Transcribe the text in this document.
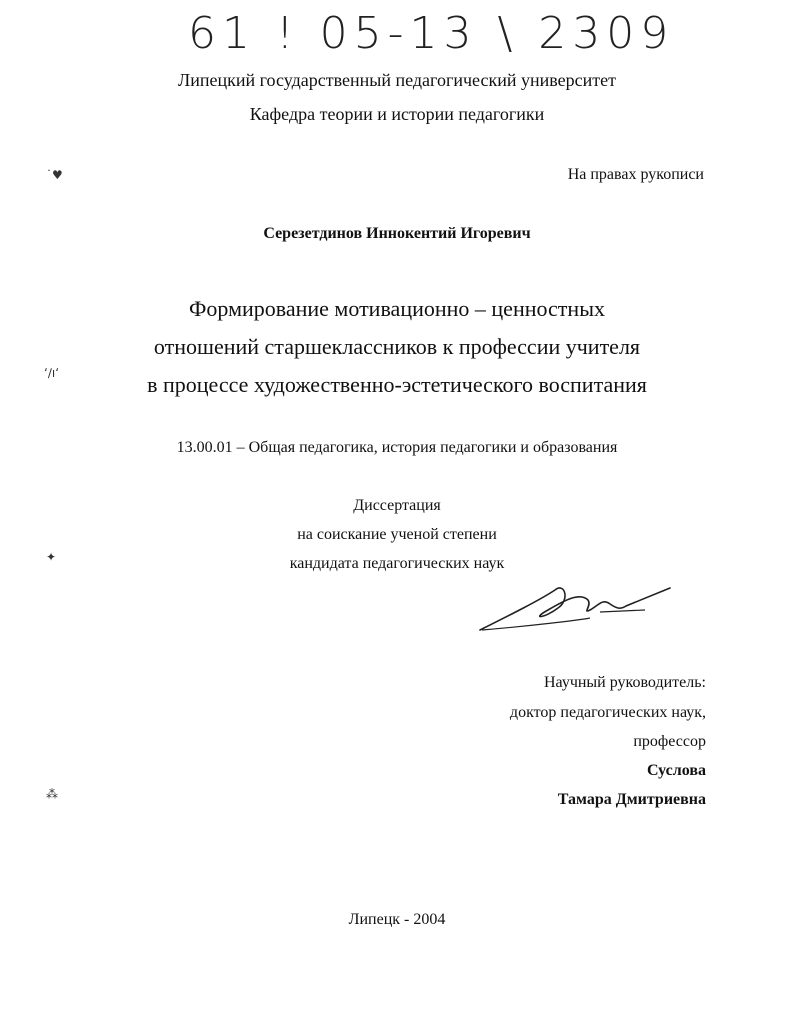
61 ! 05-13 \ 2309
Липецкий государственный педагогический университет
Кафедра теории и истории педагогики
˙♥
ʻ∕ıʻ
✦
⁂
На правах рукописи
Серезетдинов Иннокентий Игоревич
Формирование мотивационно – ценностных
отношений старшеклассников к профессии учителя
в процессе художественно-эстетического воспитания
13.00.01 – Общая педагогика, история педагогики и образования
Диссертация
на соискание ученой степени
кандидата педагогических наук
Научный руководитель:
доктор педагогических наук,
профессор
Суслова
Тамара Дмитриевна
Липецк - 2004
